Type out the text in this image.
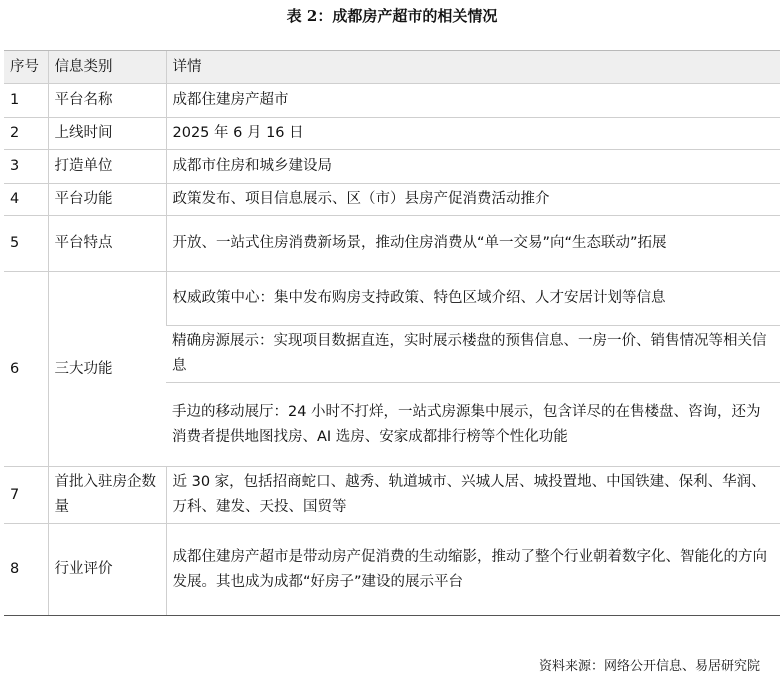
表 2：成都房产超市的相关情况
序号	信息类别	详情
1	平台名称	成都住建房产超市
2	上线时间	2025 年 6 月 16 日
3	打造单位	成都市住房和城乡建设局
4	平台功能	政策发布、项目信息展示、区（市）县房产促消费活动推介
5	平台特点	开放、一站式住房消费新场景，推动住房消费从“单一交易”向“生态联动”拓展
6	三大功能	权威政策中心：集中发布购房支持政策、特色区域介绍、人才安居计划等信息
		精确房源展示：实现项目数据直连，实时展示楼盘的预售信息、一房一价、销售情况等相关信息
		手边的移动展厅：24 小时不打烊，一站式房源集中展示，包含详尽的在售楼盘、咨询，还为消费者提供地图找房、AI 选房、安家成都排行榜等个性化功能
7	首批入驻房企数量	近 30 家，包括招商蛇口、越秀、轨道城市、兴城人居、城投置地、中国铁建、保利、华润、万科、建发、天投、国贸等
8	行业评价	成都住建房产超市是带动房产促消费的生动缩影，推动了整个行业朝着数字化、智能化的方向发展。其也成为成都“好房子”建设的展示平台
资料来源：网络公开信息、易居研究院
